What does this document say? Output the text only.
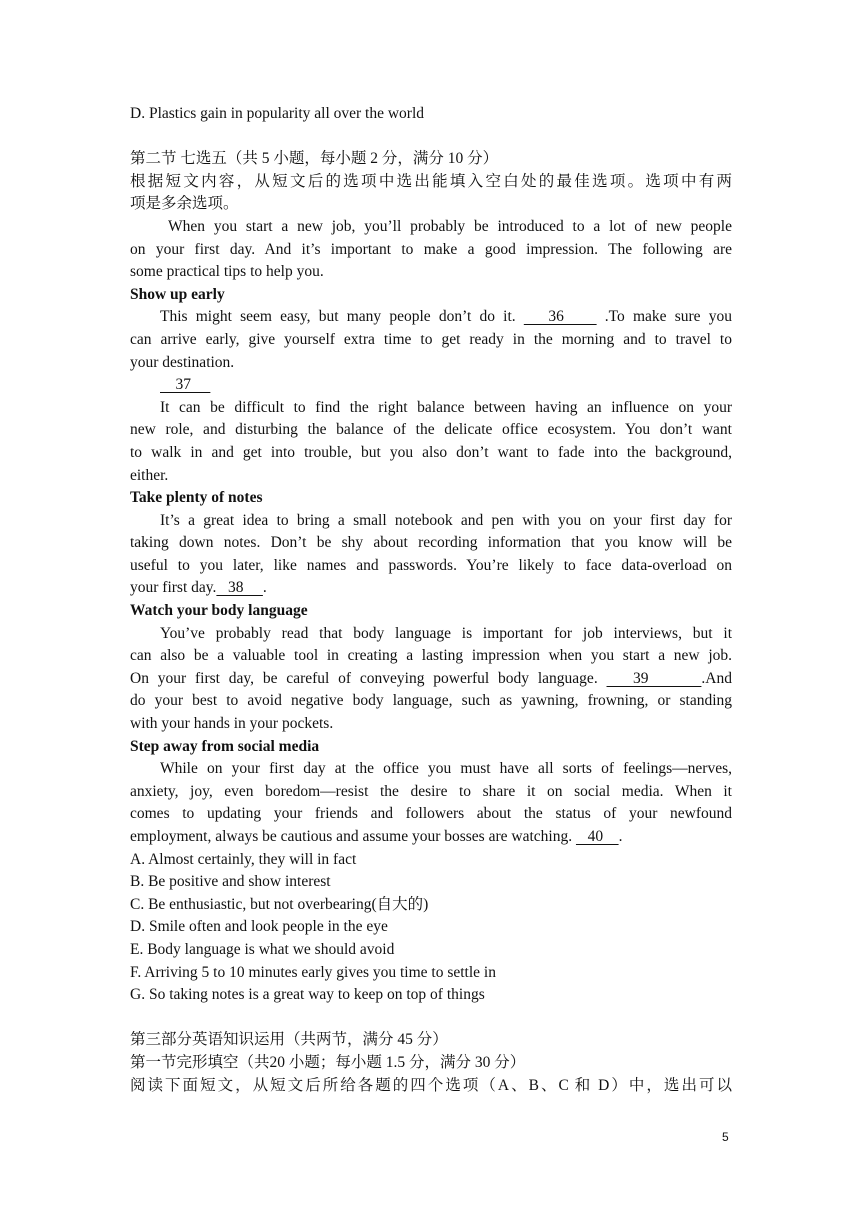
D. Plastics gain in popularity all over the world
第二节 七选五（共 5 小题，每小题 2 分，满分 10 分）
根据短文内容，从短文后的选项中选出能填入空白处的最佳选项。选项中有两
项是多余选项。
When you start a new job, you’ll probably be introduced to a lot of new people
on your first day. And it’s important to make a good impression. The following are
some practical tips to help you.
Show up early
This might seem easy, but many people don’t do it.    36     .To make sure you
can arrive early, give yourself extra time to get ready in the morning and to travel to
your destination.
37
It can be difficult to find the right balance between having an influence on your
new role, and disturbing the balance of the delicate office ecosystem. You don’t want
to walk in and get into trouble, but you also don’t want to fade into the background,
either.
Take plenty of notes
It’s a great idea to bring a small notebook and pen with you on your first day for
taking down notes. Don’t be shy about recording information that you know will be
useful to you later, like names and passwords. You’re likely to face data-overload on
your first day.   38     .
Watch your body language
You’ve probably read that body language is important for job interviews, but it
can also be a valuable tool in creating a lasting impression when you start a new job.
On your first day, be careful of conveying powerful body language.    39      .And
do your best to avoid negative body language, such as yawning, frowning, or standing
with your hands in your pockets.
Step away from social media
While on your first day at the office you must have all sorts of feelings—nerves,
anxiety, joy, even boredom—resist the desire to share it on social media. When it
comes to updating your friends and followers about the status of your newfound
employment, always be cautious and assume your bosses are watching.    40    .
A. Almost certainly, they will in fact
B. Be positive and show interest
C. Be enthusiastic, but not overbearing(自大的)
D. Smile often and look people in the eye
E. Body language is what we should avoid
F. Arriving 5 to 10 minutes early gives you time to settle in
G. So taking notes is a great way to keep on top of things
第三部分英语知识运用（共两节，满分 45 分）
第一节完形填空（共20 小题；每小题 1.5 分，满分 30 分）
阅读下面短文，从短文后所给各题的四个选项（A、B、C 和 D）中，选出可以
5
